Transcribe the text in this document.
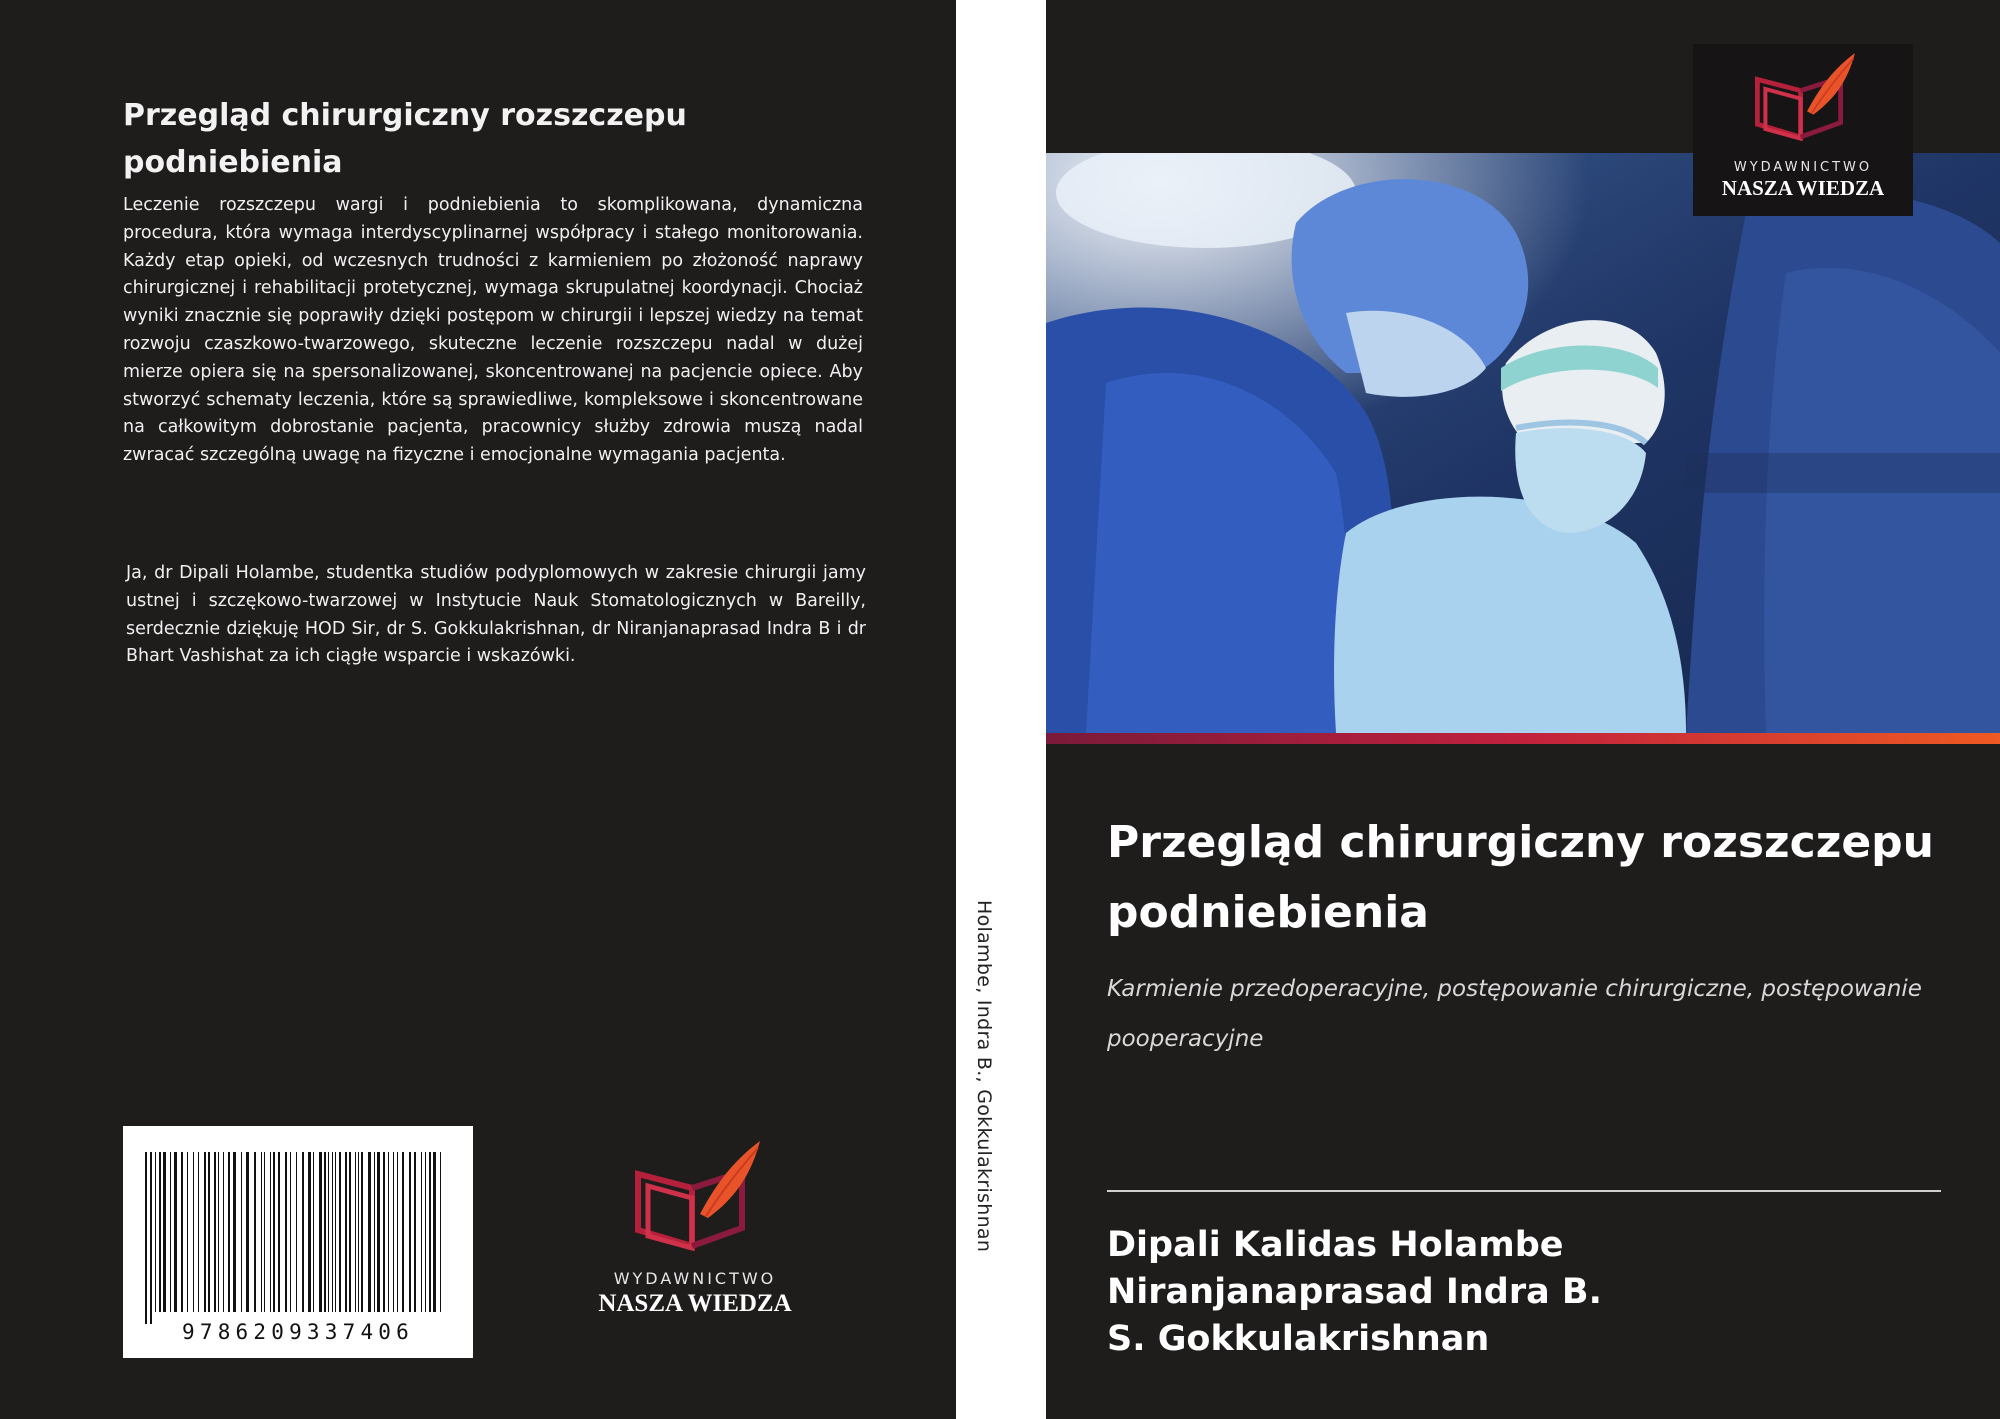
Przegląd chirurgiczny rozszczepu podniebienia

Leczenie rozszczepu wargi i podniebienia to skomplikowana, dynamiczna procedura, która wymaga interdyscyplinarnej współpracy i stałego monitorowania. Każdy etap opieki, od wczesnych trudności z karmieniem po złożoność naprawy chirurgicznej i rehabilitacji protetycznej, wymaga skrupulatnej koordynacji. Chociaż wyniki znacznie się poprawiły dzięki postępom w chirurgii i lepszej wiedzy na temat rozwoju czaszkowo-twarzowego, skuteczne leczenie rozszczepu nadal w dużej mierze opiera się na spersonalizowanej, skoncentrowanej na pacjencie opiece. Aby stworzyć schematy leczenia, które są sprawiedliwe, kompleksowe i skoncentrowane na całkowitym dobrostanie pacjenta, pracownicy służby zdrowia muszą nadal zwracać szczególną uwagę na fizyczne i emocjonalne wymagania pacjenta.

Ja, dr Dipali Holambe, studentka studiów podyplomowych w zakresie chirurgii jamy ustnej i szczękowo-twarzowej w Instytucie Nauk Stomatologicznych w Bareilly, serdecznie dziękuję HOD Sir, dr S. Gokkulakrishnan, dr Niranjanaprasad Indra B i dr Bhart Vashishat za ich ciągłe wsparcie i wskazówki.

9786209337406
WYDAWNICTWO
NASZA WIEDZA
Holambe, Indra B., Gokkulakrishnan
WYDAWNICTWO
NASZA WIEDZA
Przegląd chirurgiczny rozszczepu podniebienia

Karmienie przedoperacyjne, postępowanie chirurgiczne, postępowanie pooperacyjne

Dipali Kalidas Holambe
Niranjanaprasad Indra B.
S. Gokkulakrishnan
